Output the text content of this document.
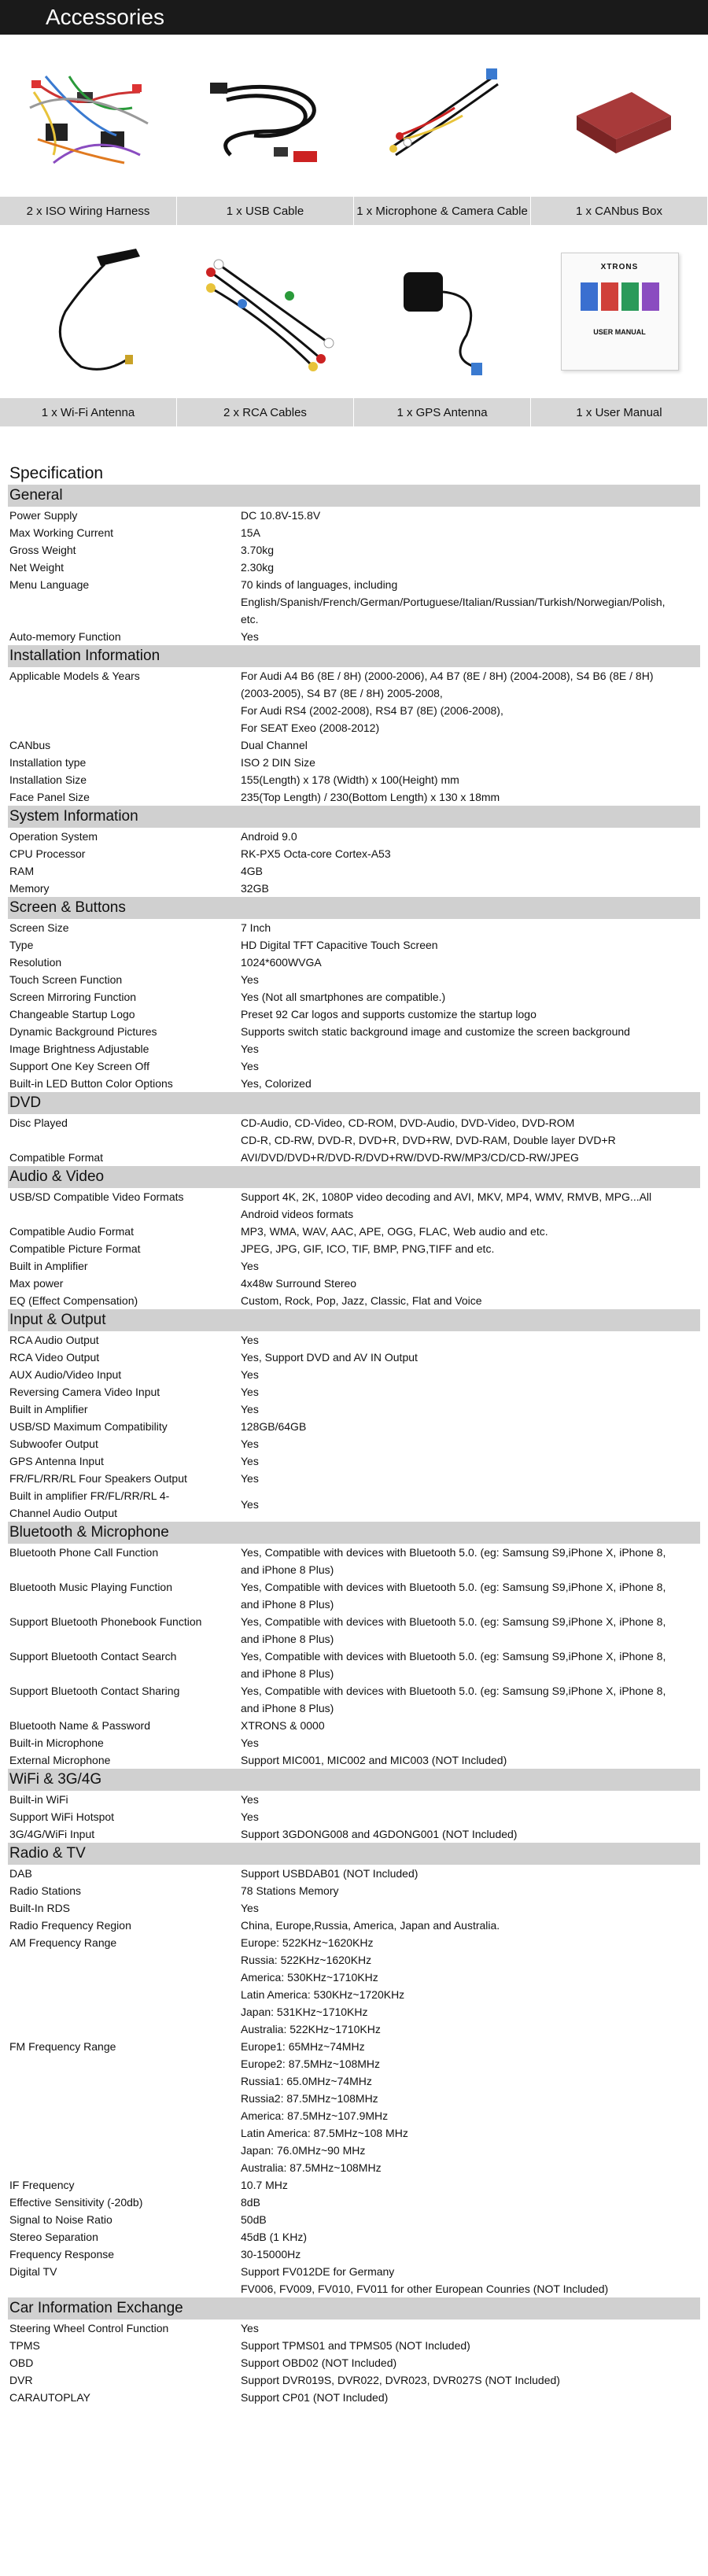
Accessories
2 x ISO Wiring Harness	1 x USB Cable	1 x Microphone & Camera Cable	1 x CANbus Box
1 x Wi-Fi Antenna	2 x RCA Cables	1 x GPS Antenna
XTRONS
USER MANUAL
1 x User Manual
Specification
General
Power Supply	DC 10.8V-15.8V
Max Working Current	15A
Gross Weight	3.70kg
Net Weight	2.30kg
Menu Language	70 kinds of languages, including
English/Spanish/French/German/Portuguese/Italian/Russian/Turkish/Norwegian/Polish,
etc.
Auto-memory Function	Yes
Installation Information
Applicable Models & Years	For Audi A4 B6 (8E / 8H) (2000-2006), A4 B7 (8E / 8H) (2004-2008), S4 B6 (8E / 8H)
(2003-2005), S4 B7 (8E / 8H) 2005-2008,
For Audi RS4 (2002-2008), RS4 B7 (8E) (2006-2008),
For SEAT Exeo (2008-2012)
CANbus	Dual Channel
Installation type	ISO 2 DIN Size
Installation Size	155(Length) x 178 (Width) x 100(Height) mm
Face Panel Size	235(Top Length) / 230(Bottom Length) x 130 x 18mm
System Information
Operation System	Android 9.0
CPU Processor	RK-PX5 Octa-core Cortex-A53
RAM	4GB
Memory	32GB
Screen & Buttons
Screen Size	7 Inch
Type	HD Digital TFT Capacitive Touch Screen
Resolution	1024*600WVGA
Touch Screen Function	Yes
Screen Mirroring Function	Yes (Not all smartphones are compatible.)
Changeable Startup Logo	Preset 92 Car logos and supports customize the startup logo
Dynamic Background Pictures	Supports switch static background image and customize the screen background
Image Brightness Adjustable	Yes
Support One Key Screen Off	Yes
Built-in LED Button Color Options	Yes, Colorized
DVD
Disc Played	CD-Audio, CD-Video, CD-ROM, DVD-Audio, DVD-Video, DVD-ROM
CD-R, CD-RW, DVD-R, DVD+R, DVD+RW, DVD-RAM, Double layer DVD+R
Compatible Format	AVI/DVD/DVD+R/DVD-R/DVD+RW/DVD-RW/MP3/CD/CD-RW/JPEG
Audio & Video
USB/SD Compatible Video Formats	Support 4K, 2K, 1080P video decoding and AVI, MKV, MP4, WMV, RMVB, MPG...All
Android videos formats
Compatible Audio Format	MP3, WMA, WAV, AAC, APE, OGG, FLAC, Web audio and etc.
Compatible Picture Format	JPEG, JPG, GIF, ICO, TIF, BMP, PNG,TIFF and etc.
Built in Amplifier	Yes
Max power	4x48w Surround Stereo
EQ (Effect Compensation)	Custom, Rock, Pop, Jazz, Classic, Flat and Voice
Input & Output
RCA Audio Output	Yes
RCA Video Output	Yes, Support DVD and AV IN Output
AUX Audio/Video Input	Yes
Reversing Camera Video Input	Yes
Built in Amplifier	Yes
USB/SD Maximum Compatibility	128GB/64GB
Subwoofer Output	Yes
GPS Antenna Input	Yes
FR/FL/RR/RL Four Speakers Output	Yes
Built in amplifier FR/FL/RR/RL 4-Channel Audio Output
Yes
Bluetooth & Microphone
Bluetooth Phone Call Function	Yes, Compatible with devices with Bluetooth 5.0. (eg: Samsung S9,iPhone X, iPhone 8,
and iPhone 8 Plus)
Bluetooth Music Playing Function	Yes, Compatible with devices with Bluetooth 5.0. (eg: Samsung S9,iPhone X, iPhone 8,
and iPhone 8 Plus)
Support Bluetooth Phonebook Function	Yes, Compatible with devices with Bluetooth 5.0. (eg: Samsung S9,iPhone X, iPhone 8,
and iPhone 8 Plus)
Support Bluetooth Contact Search	Yes, Compatible with devices with Bluetooth 5.0. (eg: Samsung S9,iPhone X, iPhone 8,
and iPhone 8 Plus)
Support Bluetooth Contact Sharing	Yes, Compatible with devices with Bluetooth 5.0. (eg: Samsung S9,iPhone X, iPhone 8,
and iPhone 8 Plus)
Bluetooth Name & Password	XTRONS & 0000
Built-in Microphone	Yes
External Microphone	Support MIC001, MIC002 and MIC003 (NOT Included)
WiFi & 3G/4G
Built-in WiFi	Yes
Support WiFi Hotspot	Yes
3G/4G/WiFi Input	Support 3GDONG008 and 4GDONG001 (NOT Included)
Radio & TV
DAB	Support USBDAB01 (NOT Included)
Radio Stations	78 Stations Memory
Built-In RDS	Yes
Radio Frequency Region	China, Europe,Russia, America, Japan and Australia.
AM Frequency Range	Europe: 522KHz~1620KHz
Russia: 522KHz~1620KHz
America: 530KHz~1710KHz
Latin America: 530KHz~1720KHz
Japan: 531KHz~1710KHz
Australia: 522KHz~1710KHz
FM Frequency Range	Europe1: 65MHz~74MHz
Europe2: 87.5MHz~108MHz
Russia1: 65.0MHz~74MHz
Russia2: 87.5MHz~108MHz
America: 87.5MHz~107.9MHz
Latin America: 87.5MHz~108 MHz
Japan: 76.0MHz~90 MHz
Australia: 87.5MHz~108MHz
IF Frequency	10.7 MHz
Effective Sensitivity (-20db)	8dB
Signal to Noise Ratio	50dB
Stereo Separation	45dB (1 KHz)
Frequency Response	30-15000Hz
Digital TV	Support FV012DE for Germany
FV006, FV009, FV010, FV011 for other European Counries (NOT Included)
Car Information Exchange
Steering Wheel Control Function	Yes
TPMS	Support TPMS01 and TPMS05 (NOT Included)
OBD	Support OBD02 (NOT Included)
DVR	Support DVR019S, DVR022, DVR023, DVR027S (NOT Included)
CARAUTOPLAY	Support CP01 (NOT Included)
